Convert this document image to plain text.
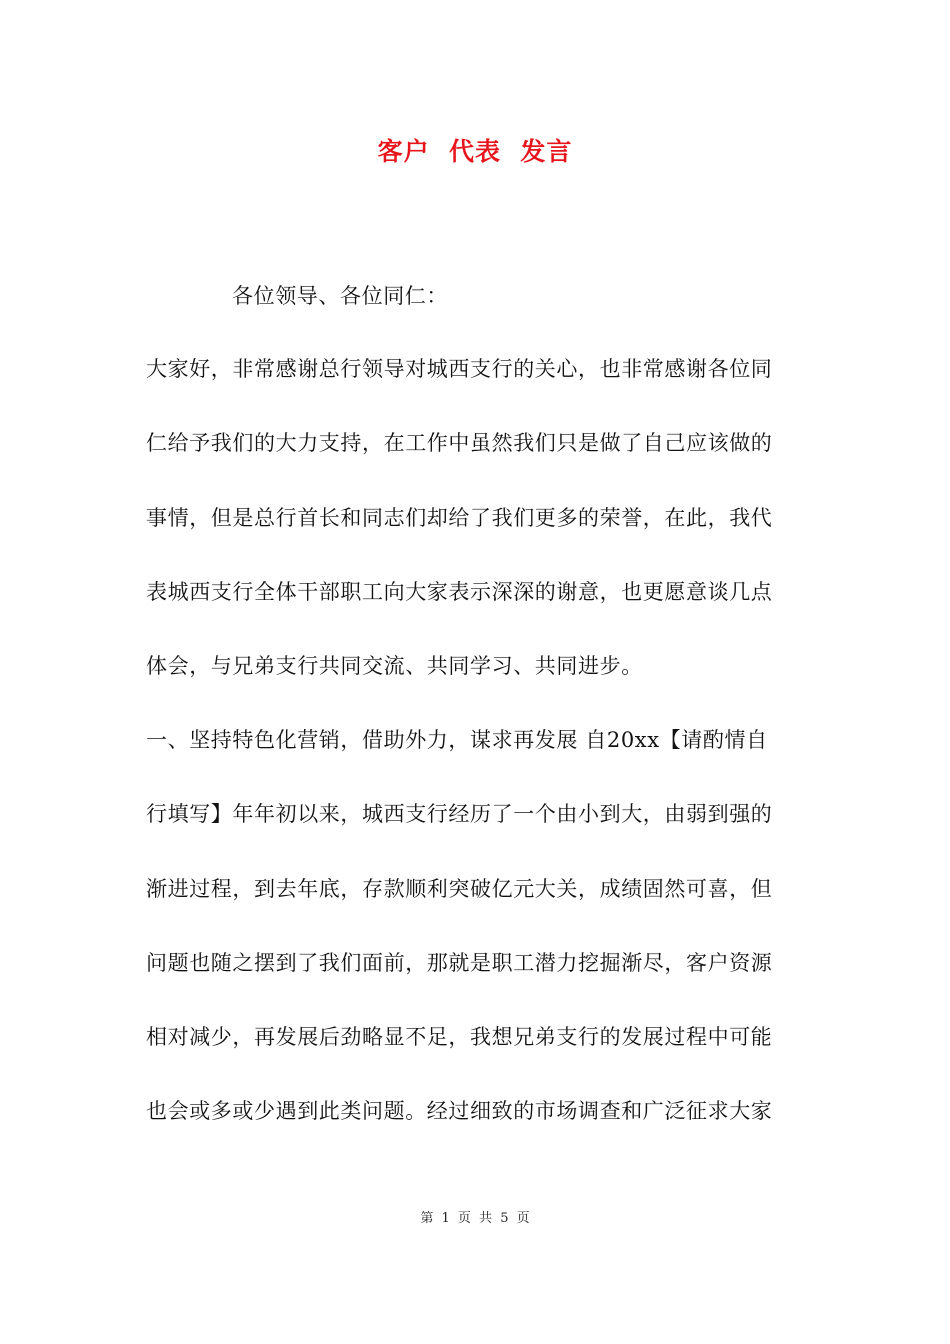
客户  代表  发言
各位领导、各位同仁：
大家好，非常感谢总行领导对城西支行的关心，也非常感谢各位同
仁给予我们的大力支持，在工作中虽然我们只是做了自己应该做的
事情，但是总行首长和同志们却给了我们更多的荣誉，在此，我代
表城西支行全体干部职工向大家表示深深的谢意，也更愿意谈几点
体会，与兄弟支行共同交流、共同学习、共同进步。
一、坚持特色化营销，借助外力，谋求再发展 自20xx【请酌情自
行填写】年年初以来，城西支行经历了一个由小到大，由弱到强的
渐进过程，到去年底，存款顺利突破亿元大关，成绩固然可喜，但
问题也随之摆到了我们面前，那就是职工潜力挖掘渐尽，客户资源
相对减少，再发展后劲略显不足，我想兄弟支行的发展过程中可能
也会或多或少遇到此类问题。经过细致的市场调查和广泛征求大家
第 1 页 共 5 页
